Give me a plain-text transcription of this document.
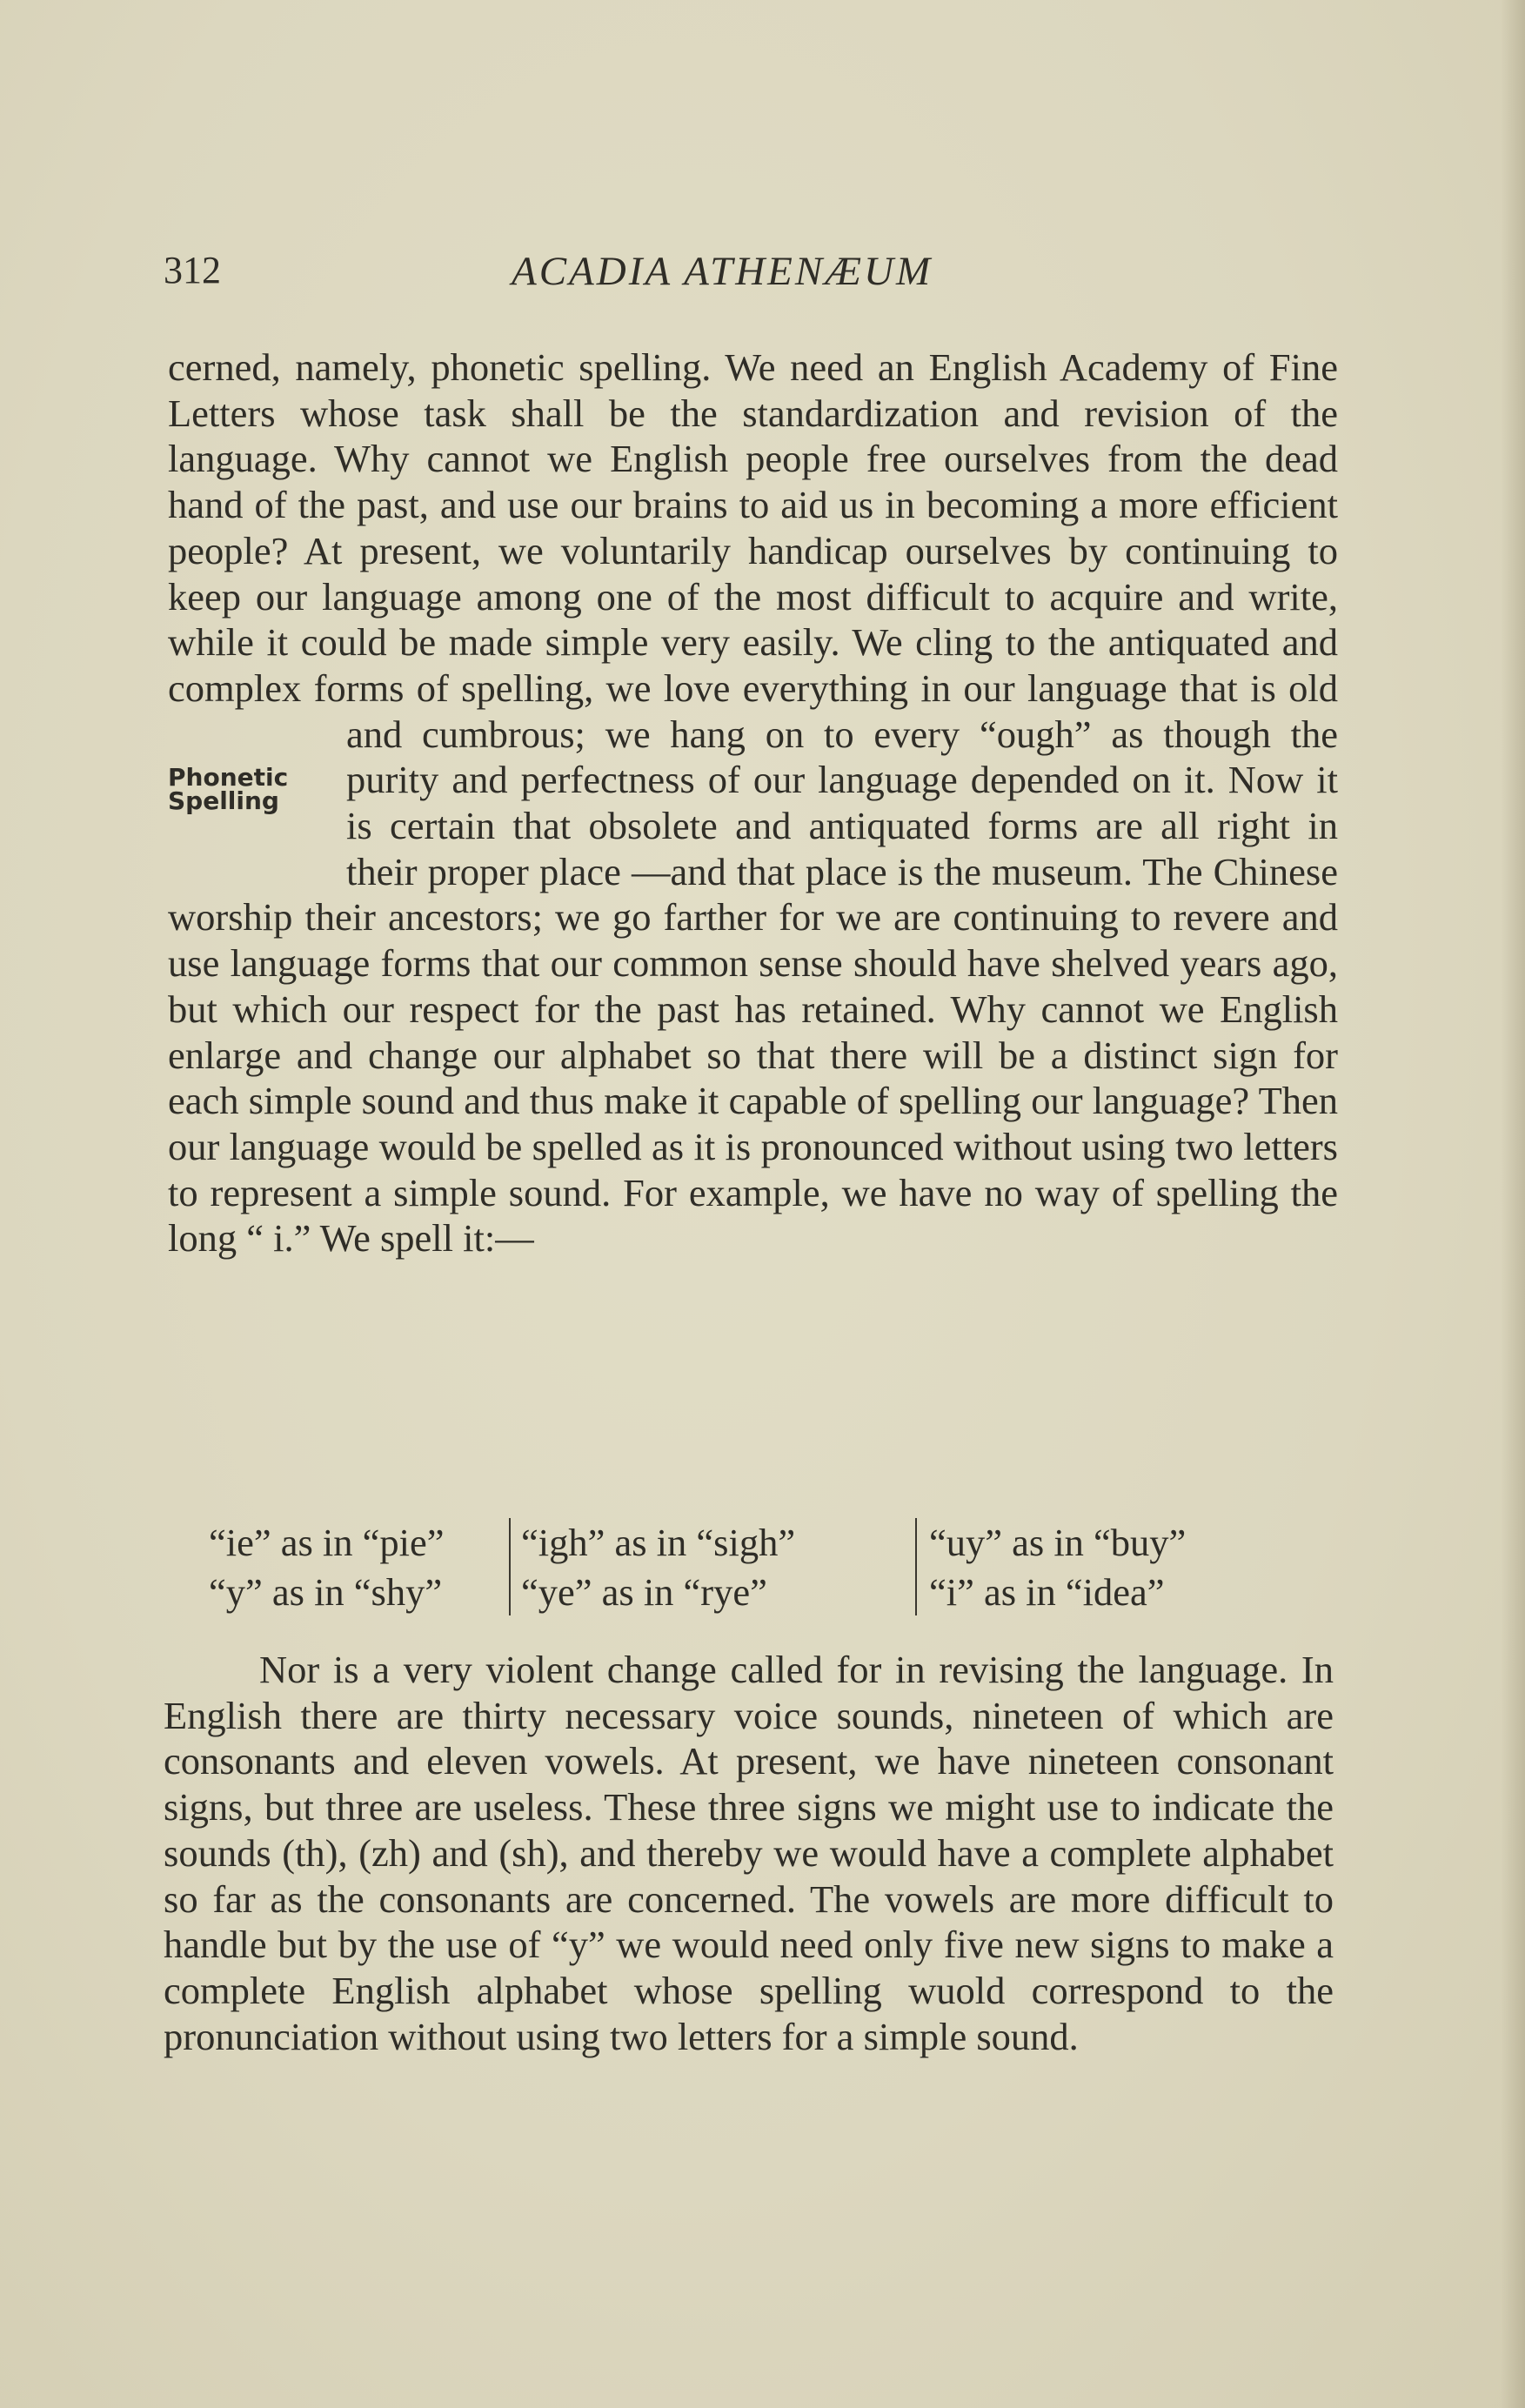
312	ACADIA ATHENÆUM

cerned, namely, phonetic spelling. We need an English Academy of Fine Letters whose task shall be the standardization and revision of the language. Why cannot we English people free ourselves from the dead hand of the past, and use our brains to aid us in becoming a more efficient people? At present, we voluntarily handicap ourselves by continuing to keep our language among one of the most difficult to acquire and write, while it could be made simple very easily. We cling to the antiquated and complex forms of spelling, we love everything in our language that is
Phonetic
Spelling
old and cumbrous; we hang on to every “ough” as though the purity and perfectness of our language depended on it. Now it is certain that obsolete and antiquated forms are all right in their proper place —and that place is the museum. The Chinese worship their ancestors; we go farther for we are continuing to revere and use language forms that our common sense should have shelved years ago, but which our respect for the past has retained. Why cannot we English enlarge and change our alphabet so that there will be a distinct sign for each simple sound and thus make it capable of spelling our language? Then our language would be spelled as it is pronounced without using two letters to represent a simple sound. For example, we have no way of spelling the long “ i.” We spell it:—

“ie” as in “pie”
“y” as in “shy”
“igh” as in “sigh”
“ye” as in “rye”
“uy” as in “buy”
“i” as in “idea”

Nor is a very violent change called for in revising the language. In English there are thirty necessary voice sounds, nineteen of which are consonants and eleven vowels. At present, we have nineteen consonant signs, but three are useless. These three signs we might use to indicate the sounds (th), (zh) and (sh), and thereby we would have a complete alphabet so far as the consonants are concerned. The vowels are more difficult to handle but by the use of “y” we would need only five new signs to make a complete English alphabet whose spelling wuold correspond to the pronunciation without using two letters for a simple sound.
